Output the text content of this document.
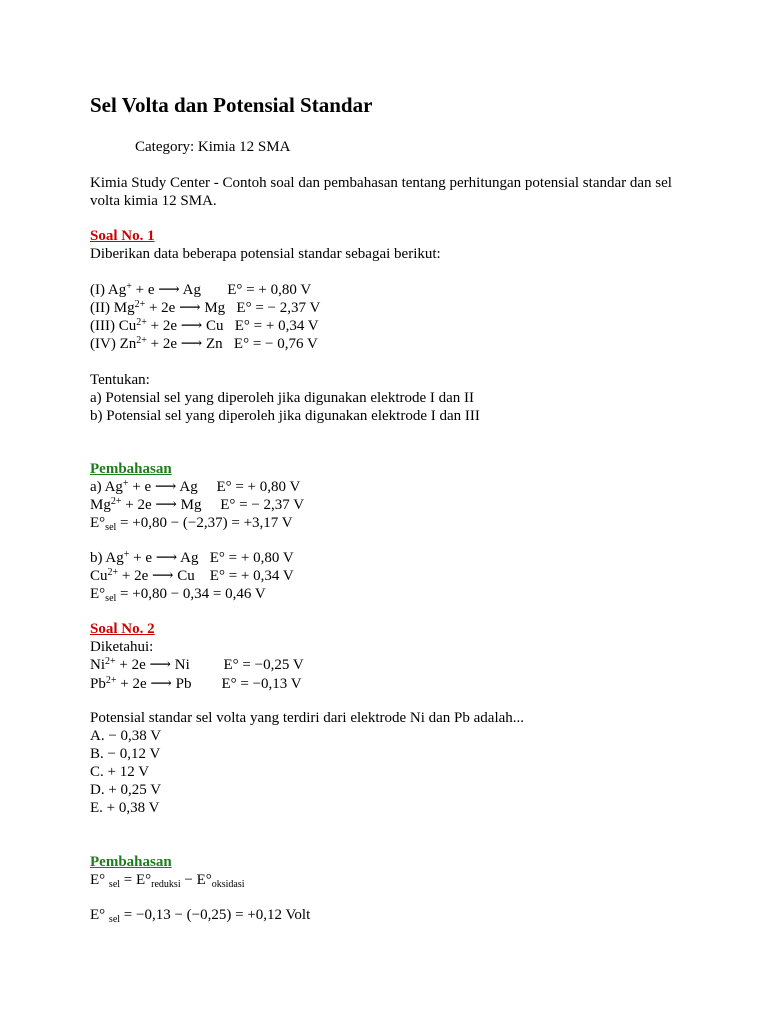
Sel Volta dan Potensial Standar
Category: Kimia 12 SMA
Kimia Study Center - Contoh soal dan pembahasan tentang perhitungan potensial standar dan sel
volta kimia 12 SMA.
Soal No. 1
Diberikan data beberapa potensial standar sebagai berikut:
(I) Ag+ + e ⟶ Ag       E° = + 0,80 V
(II) $Mg^{2+} + 2e$ ⟶ Mg   E° = − 2,37 V
(III) $Cu^{2+} + 2e$ ⟶ Cu   E° = + 0,34 V
(IV) $Zn^{2+} + 2e$ ⟶ Zn   E° = − 0,76 V
Tentukan:
a) Potensial sel yang diperoleh jika digunakan elektrode I dan II
b) Potensial sel yang diperoleh jika digunakan elektrode I dan III
Pembahasan
a) Ag+ + e ⟶ Ag     E° = + 0,80 V
$Mg^{2+} + 2e$ ⟶ Mg     E° = − 2,37 V
$E^\circ_{sel} = +0,80 - (-2,37) = +3,17$ V
b) Ag+ + e ⟶ Ag   E° = + 0,80 V
$Cu^{2+} + 2e$ ⟶ Cu    E° = + 0,34 V
$E^\circ_{sel} = +0,80 - 0,34 = 0,46$ V
Soal No. 2
Diketahui:
$Ni^{2+} + 2e$ ⟶ Ni         E° = −0,25 V
$Pb^{2+} + 2e$ ⟶ Pb        E° = −0,13 V
Potensial standar sel volta yang terdiri dari elektrode Ni dan Pb adalah...
A. − 0,38 V
B. − 0,12 V
C. + 12 V
D. + 0,25 V
E. + 0,38 V
Pembahasan
E° $_{sel} = E^\circ_{reduksi} - E^\circ_{oksidasi}$
E° $_{sel}$ = −0,13 − (−0,25) = +0,12 Volt
